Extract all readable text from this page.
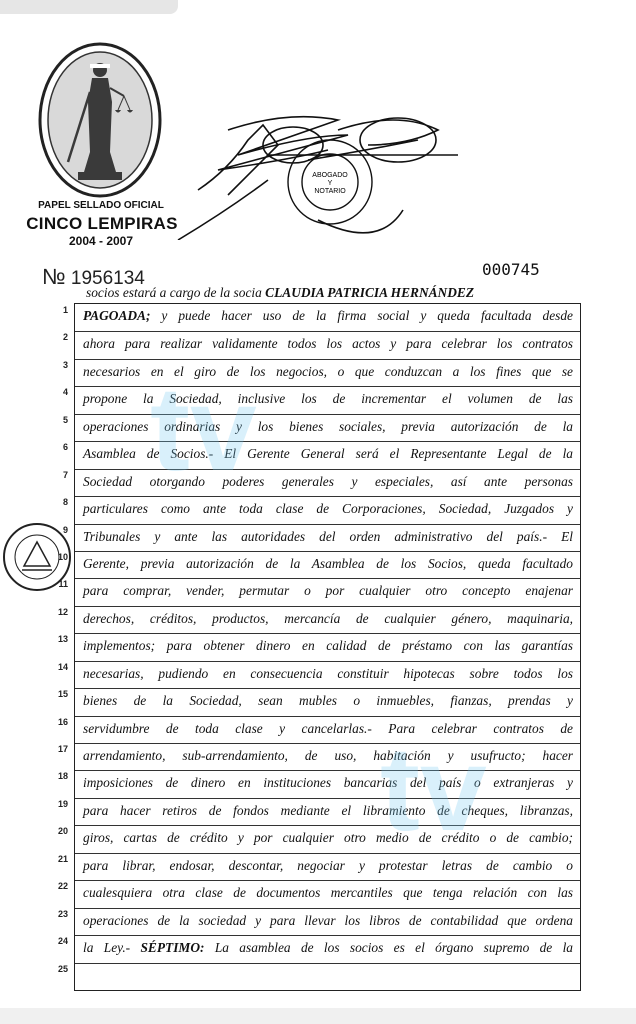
PAPEL SELLADO OFICIAL
CINCO LEMPIRAS
2004 - 2007
ABOGADO
Y
NOTARIO
№ 1956134	000745
socios estará a cargo de la socia CLAUDIA PATRICIA HERNÁNDEZ
PAGOADA; y puede hacer uso de la firma social y queda facultada desde
ahora para realizar validamente todos los actos y para celebrar los contratos
necesarios en el giro de los negocios, o que conduzcan a los fines que se
propone la Sociedad, inclusive los de incrementar el volumen de las
operaciones ordinarias y los bienes sociales, previa autorización de la
Asamblea de Socios.- El Gerente General será el Representante Legal de la
Sociedad otorgando poderes generales y especiales, así ante personas
particulares como ante toda clase de Corporaciones, Sociedad, Juzgados y
Tribunales y ante las autoridades del orden administrativo del país.- El
Gerente, previa autorización de la Asamblea de los Socios, queda facultado
para comprar, vender, permutar o por cualquier otro concepto enajenar
derechos, créditos, productos, mercancía de cualquier género, maquinaria,
implementos; para obtener dinero en calidad de préstamo con las garantías
necesarias, pudiendo en consecuencia constituir hipotecas sobre todos los
bienes de la Sociedad, sean mubles o inmuebles, fianzas, prendas y
servidumbre de toda clase y cancelarlas.- Para celebrar contratos de
arrendamiento, sub-arrendamiento, de uso, habitación y usufructo; hacer
imposiciones de dinero en instituciones bancarias del país o extranjeras y
para hacer retiros de fondos mediante el libramiento de cheques, libranzas,
giros, cartas de crédito y por cualquier otro medio de crédito o de cambio;
para librar, endosar, descontar, negociar y protestar letras de cambio o
cualesquiera otra clase de documentos mercantiles que tenga relación con las
operaciones de la sociedad y para llevar los libros de contabilidad que ordena
la Ley.- SÉPTIMO: La asamblea de los socios es el órgano supremo de la
tv
tv
1
2
3
4
5
6
7
8
9
10
11
12
13
14
15
16
17
18
19
20
21
22
23
24
25
